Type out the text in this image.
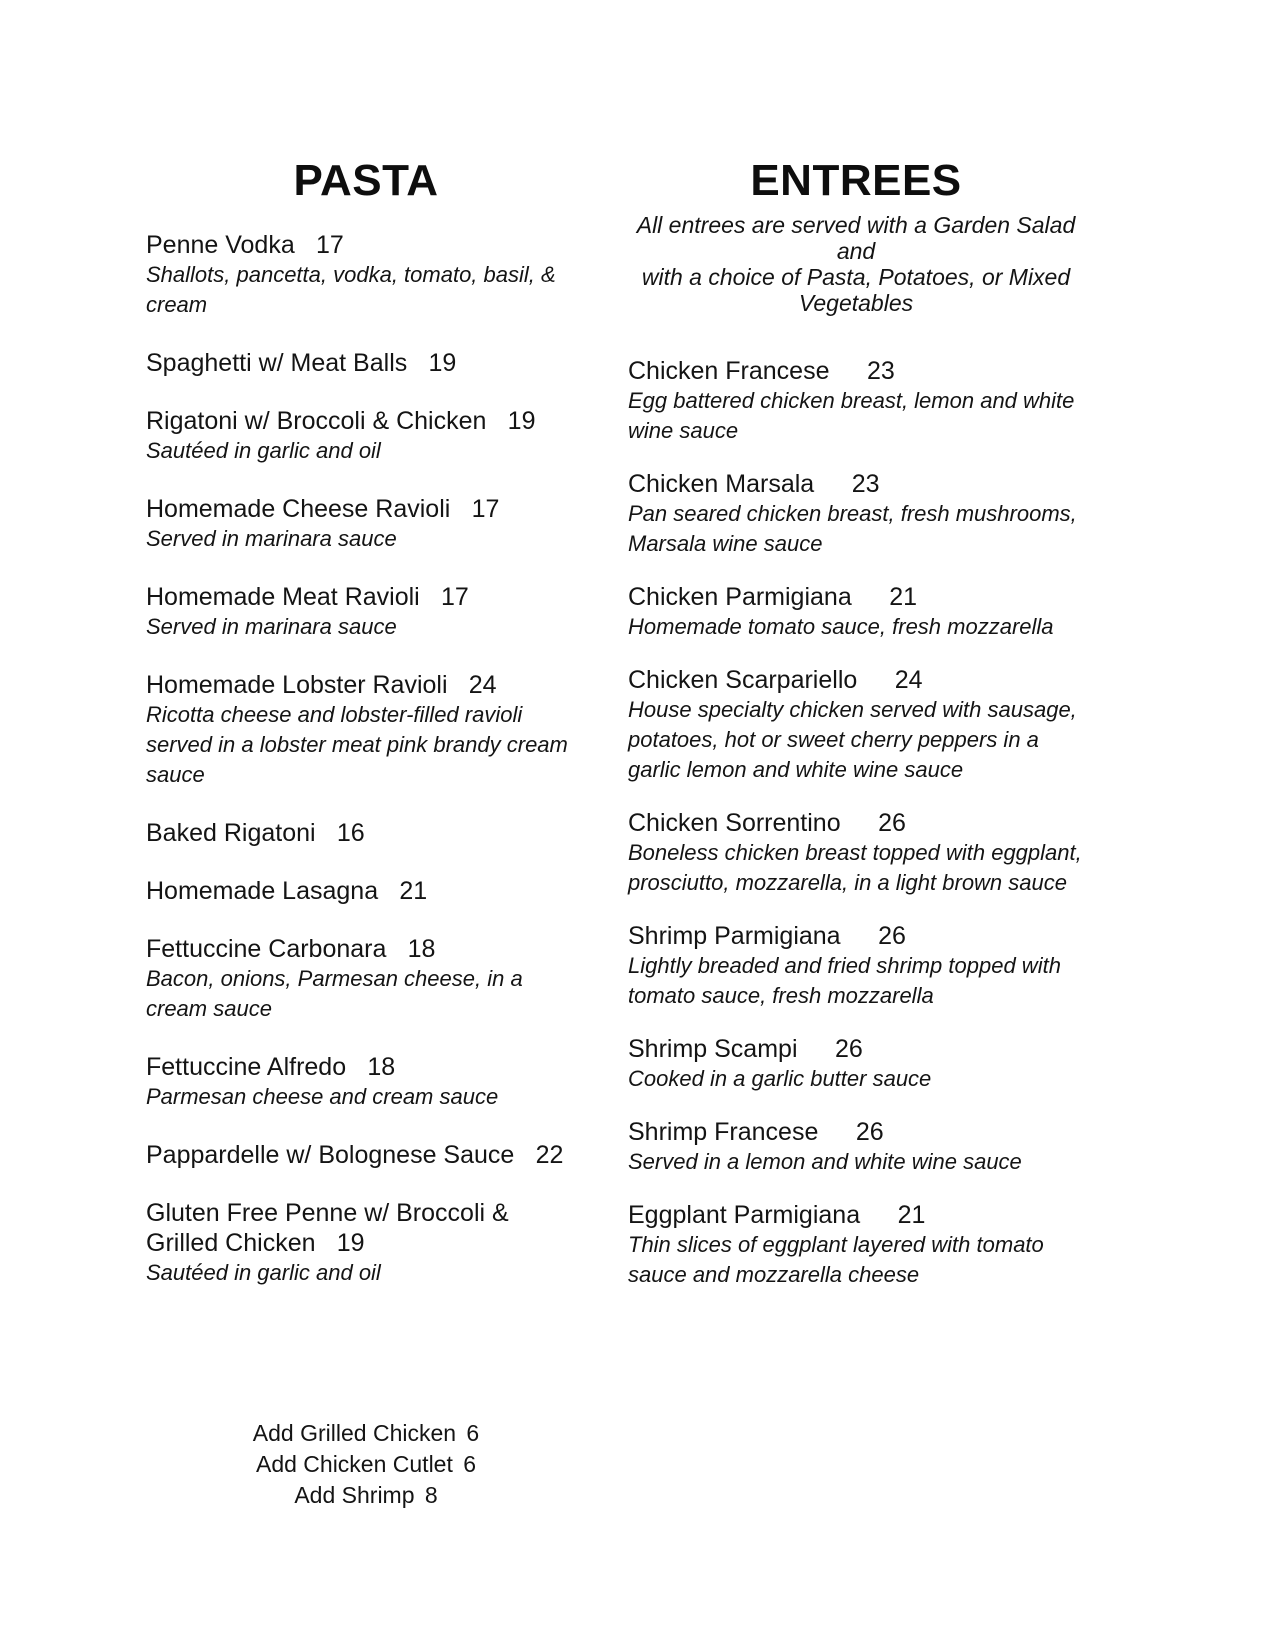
PASTA
Penne Vodka 17
Shallots, pancetta, vodka, tomato, basil, & cream
Spaghetti w/ Meat Balls 19
Rigatoni w/ Broccoli & Chicken 19
Sautéed in garlic and oil
Homemade Cheese Ravioli 17
Served in marinara sauce
Homemade Meat Ravioli 17
Served in marinara sauce
Homemade Lobster Ravioli 24
Ricotta cheese and lobster-filled ravioli served in a lobster meat pink brandy cream sauce
Baked Rigatoni 16
Homemade Lasagna 21
Fettuccine Carbonara 18
Bacon, onions, Parmesan cheese, in a cream sauce
Fettuccine Alfredo 18
Parmesan cheese and cream sauce
Pappardelle w/ Bolognese Sauce 22
Gluten Free Penne w/ Broccoli & Grilled Chicken 19
Sautéed in garlic and oil
Add Grilled Chicken 6
Add Chicken Cutlet 6
Add Shrimp 8
ENTREES
All entrees are served with a Garden Salad and
with a choice of Pasta, Potatoes, or Mixed
Vegetables
Chicken Francese 23
Egg battered chicken breast, lemon and white wine sauce
Chicken Marsala 23
Pan seared chicken breast, fresh mushrooms, Marsala wine sauce
Chicken Parmigiana 21
Homemade tomato sauce, fresh mozzarella
Chicken Scarpariello 24
House specialty chicken served with sausage, potatoes, hot or sweet cherry peppers in a garlic lemon and white wine sauce
Chicken Sorrentino 26
Boneless chicken breast topped with eggplant, prosciutto, mozzarella, in a light brown sauce
Shrimp Parmigiana 26
Lightly breaded and fried shrimp topped with tomato sauce, fresh mozzarella
Shrimp Scampi 26
Cooked in a garlic butter sauce
Shrimp Francese 26
Served in a lemon and white wine sauce
Eggplant Parmigiana 21
Thin slices of eggplant layered with tomato sauce and mozzarella cheese
